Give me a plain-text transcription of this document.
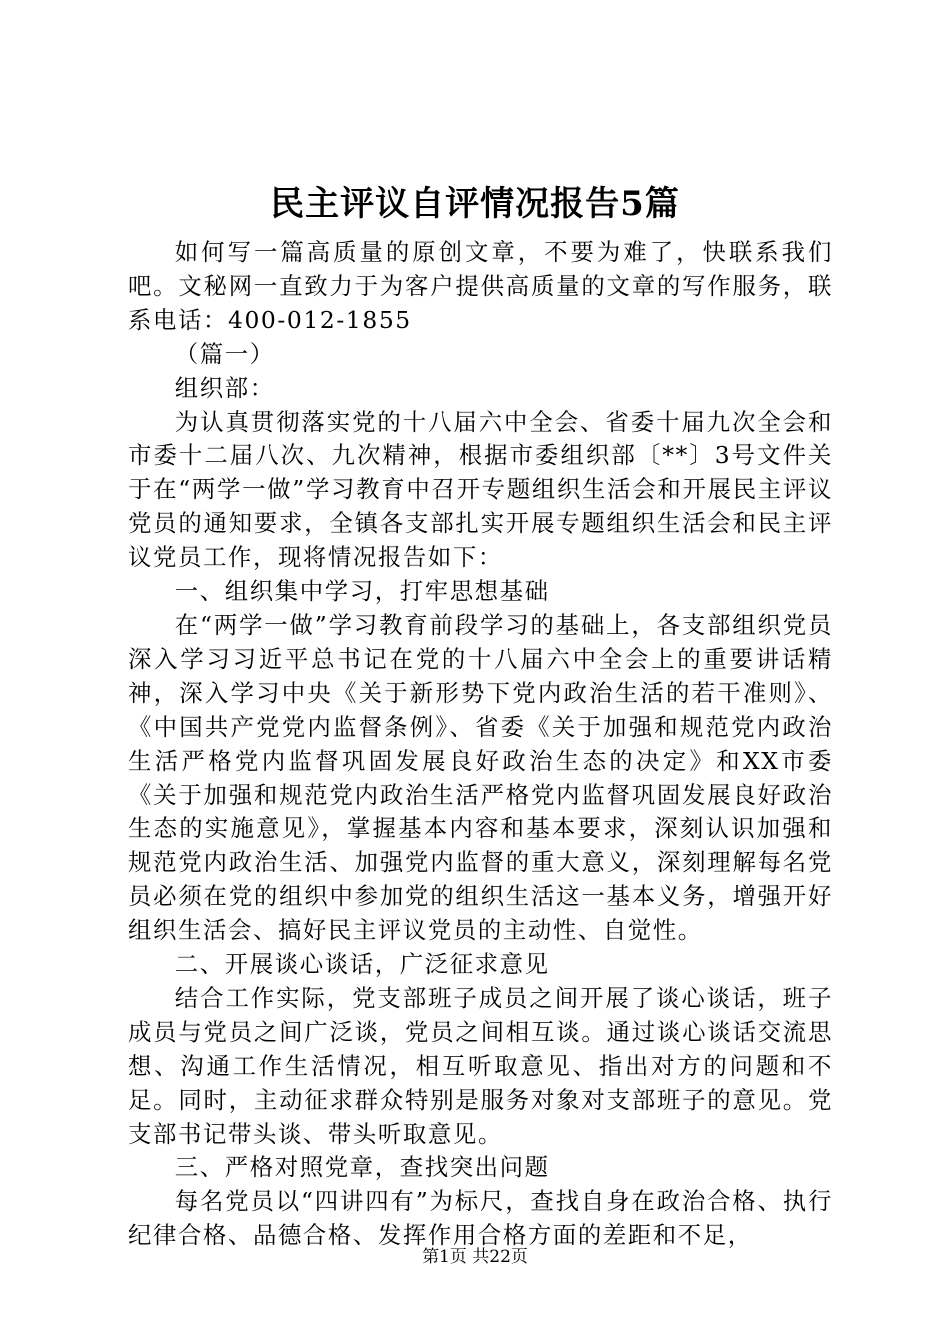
民主评议自评情况报告5篇

如何写一篇高质量的原创文章，不要为难了，快联系我们吧。文秘网一直致力于为客户提供高质量的文章的写作服务，联系电话：400-012-1855

（篇一）

组织部：

为认真贯彻落实党的十八届六中全会、省委十届九次全会和市委十二届八次、九次精神，根据市委组织部〔**〕3号文件关于在“两学一做”学习教育中召开专题组织生活会和开展民主评议党员的通知要求，全镇各支部扎实开展专题组织生活会和民主评议党员工作，现将情况报告如下：

一、组织集中学习，打牢思想基础

在“两学一做”学习教育前段学习的基础上，各支部组织党员深入学习习近平总书记在党的十八届六中全会上的重要讲话精神，深入学习中央《关于新形势下党内政治生活的若干准则》、《中国共产党党内监督条例》、省委《关于加强和规范党内政治生活严格党内监督巩固发展良好政治生态的决定》和XX市委《关于加强和规范党内政治生活严格党内监督巩固发展良好政治生态的实施意见》，掌握基本内容和基本要求，深刻认识加强和规范党内政治生活、加强党内监督的重大意义，深刻理解每名党员必须在党的组织中参加党的组织生活这一基本义务，增强开好组织生活会、搞好民主评议党员的主动性、自觉性。

二、开展谈心谈话，广泛征求意见

结合工作实际，党支部班子成员之间开展了谈心谈话，班子成员与党员之间广泛谈，党员之间相互谈。通过谈心谈话交流思想、沟通工作生活情况，相互听取意见、指出对方的问题和不足。同时，主动征求群众特别是服务对象对支部班子的意见。党支部书记带头谈、带头听取意见。

三、严格对照党章，查找突出问题

每名党员以“四讲四有”为标尺，查找自身在政治合格、执行纪律合格、品德合格、发挥作用合格方面的差距和不足，

第1页 共22页
